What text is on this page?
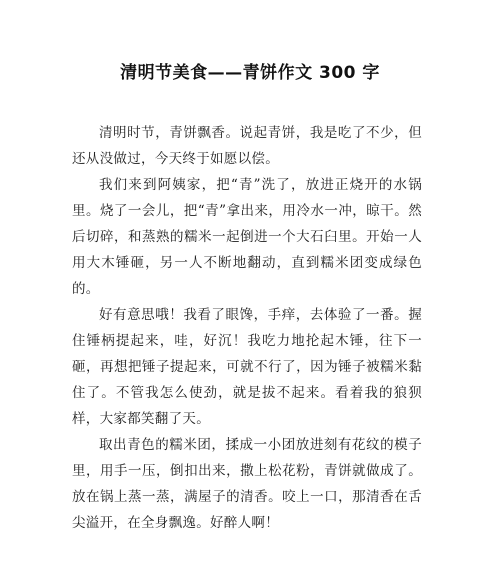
清明节美食——青饼作文 300 字

清明时节，青饼飘香。说起青饼，我是吃了不少，但还从没做过，今天终于如愿以偿。

我们来到阿姨家，把“青”洗了，放进正烧开的水锅里。烧了一会儿，把“青”拿出来，用冷水一冲，晾干。然后切碎，和蒸熟的糯米一起倒进一个大石臼里。开始一人用大木锤砸，另一人不断地翻动，直到糯米团变成绿色的。

好有意思哦！我看了眼馋，手痒，去体验了一番。握住锤柄提起来，哇，好沉！我吃力地抡起木锤，往下一砸，再想把锤子提起来，可就不行了，因为锤子被糯米黏住了。不管我怎么使劲，就是拔不起来。看着我的狼狈样，大家都笑翻了天。

取出青色的糯米团，揉成一小团放进刻有花纹的模子里，用手一压，倒扣出来，撒上松花粉，青饼就做成了。放在锅上蒸一蒸，满屋子的清香。咬上一口，那清香在舌尖溢开，在全身飘逸。好醉人啊！
